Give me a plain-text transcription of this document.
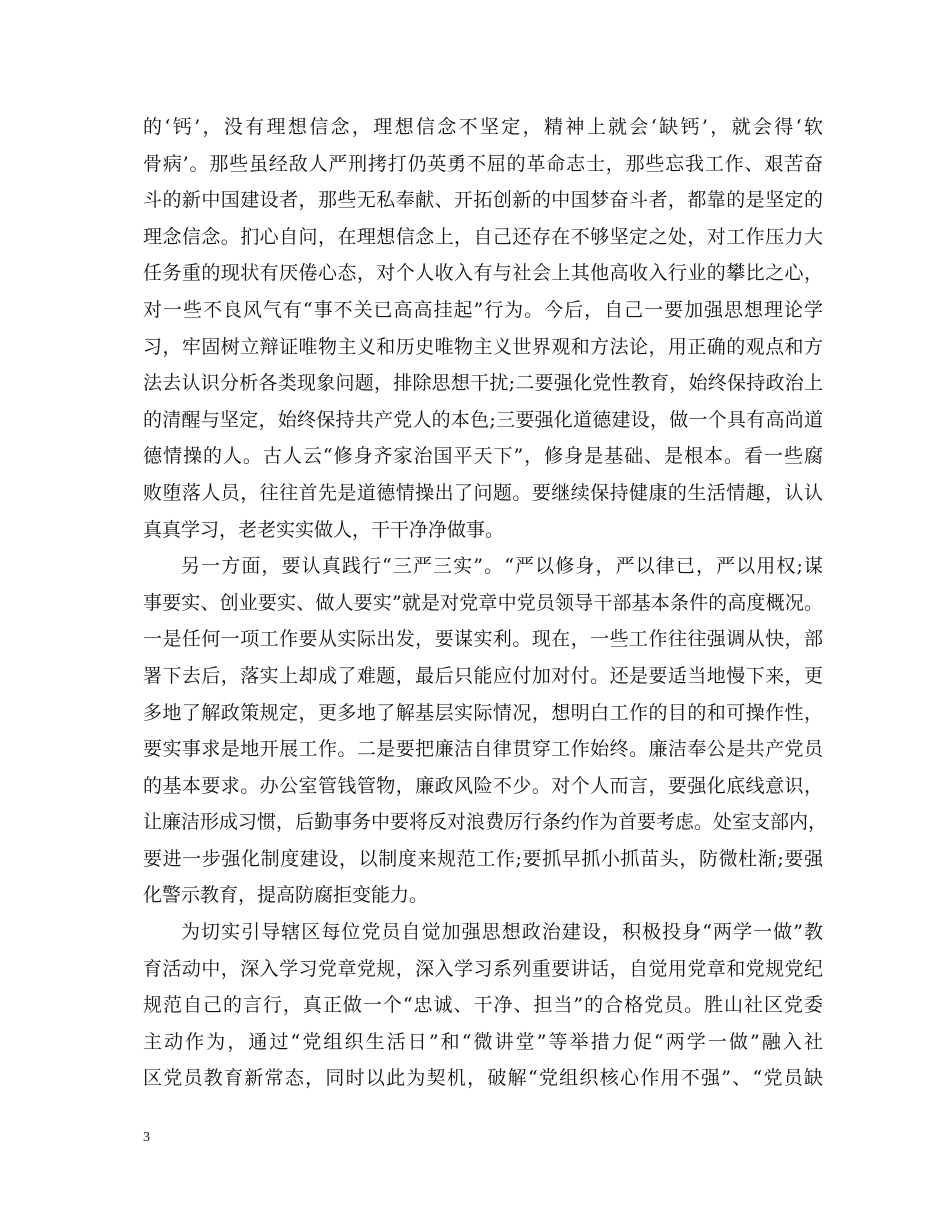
的‘钙’，没有理想信念，理想信念不坚定，精神上就会‘缺钙’，就会得‘软
骨病’。那些虽经敌人严刑拷打仍英勇不屈的革命志士，那些忘我工作、艰苦奋
斗的新中国建设者，那些无私奉献、开拓创新的中国梦奋斗者，都靠的是坚定的
理念信念。扪心自问，在理想信念上，自己还存在不够坚定之处，对工作压力大
任务重的现状有厌倦心态，对个人收入有与社会上其他高收入行业的攀比之心，
对一些不良风气有“事不关已高高挂起”行为。今后，自己一要加强思想理论学
习，牢固树立辩证唯物主义和历史唯物主义世界观和方法论，用正确的观点和方
法去认识分析各类现象问题，排除思想干扰;二要强化党性教育，始终保持政治上
的清醒与坚定，始终保持共产党人的本色;三要强化道德建设，做一个具有高尚道
德情操的人。古人云“修身齐家治国平天下”，修身是基础、是根本。看一些腐
败堕落人员，往往首先是道德情操出了问题。要继续保持健康的生活情趣，认认
真真学习，老老实实做人，干干净净做事。
另一方面，要认真践行“三严三实”。“严以修身，严以律已，严以用权;谋
事要实、创业要实、做人要实”就是对党章中党员领导干部基本条件的高度概况。
一是任何一项工作要从实际出发，要谋实利。现在，一些工作往往强调从快，部
署下去后，落实上却成了难题，最后只能应付加对付。还是要适当地慢下来，更
多地了解政策规定，更多地了解基层实际情况，想明白工作的目的和可操作性，
要实事求是地开展工作。二是要把廉洁自律贯穿工作始终。廉洁奉公是共产党员
的基本要求。办公室管钱管物，廉政风险不少。对个人而言，要强化底线意识，
让廉洁形成习惯，后勤事务中要将反对浪费厉行条约作为首要考虑。处室支部内，
要进一步强化制度建设，以制度来规范工作;要抓早抓小抓苗头，防微杜渐;要强
化警示教育，提高防腐拒变能力。
为切实引导辖区每位党员自觉加强思想政治建设，积极投身“两学一做”教
育活动中，深入学习党章党规，深入学习系列重要讲话，自觉用党章和党规党纪
规范自己的言行，真正做一个“忠诚、干净、担当”的合格党员。胜山社区党委
主动作为，通过“党组织生活日”和“微讲堂”等举措力促“两学一做”融入社
区党员教育新常态，同时以此为契机，破解“党组织核心作用不强”、“党员缺
3
